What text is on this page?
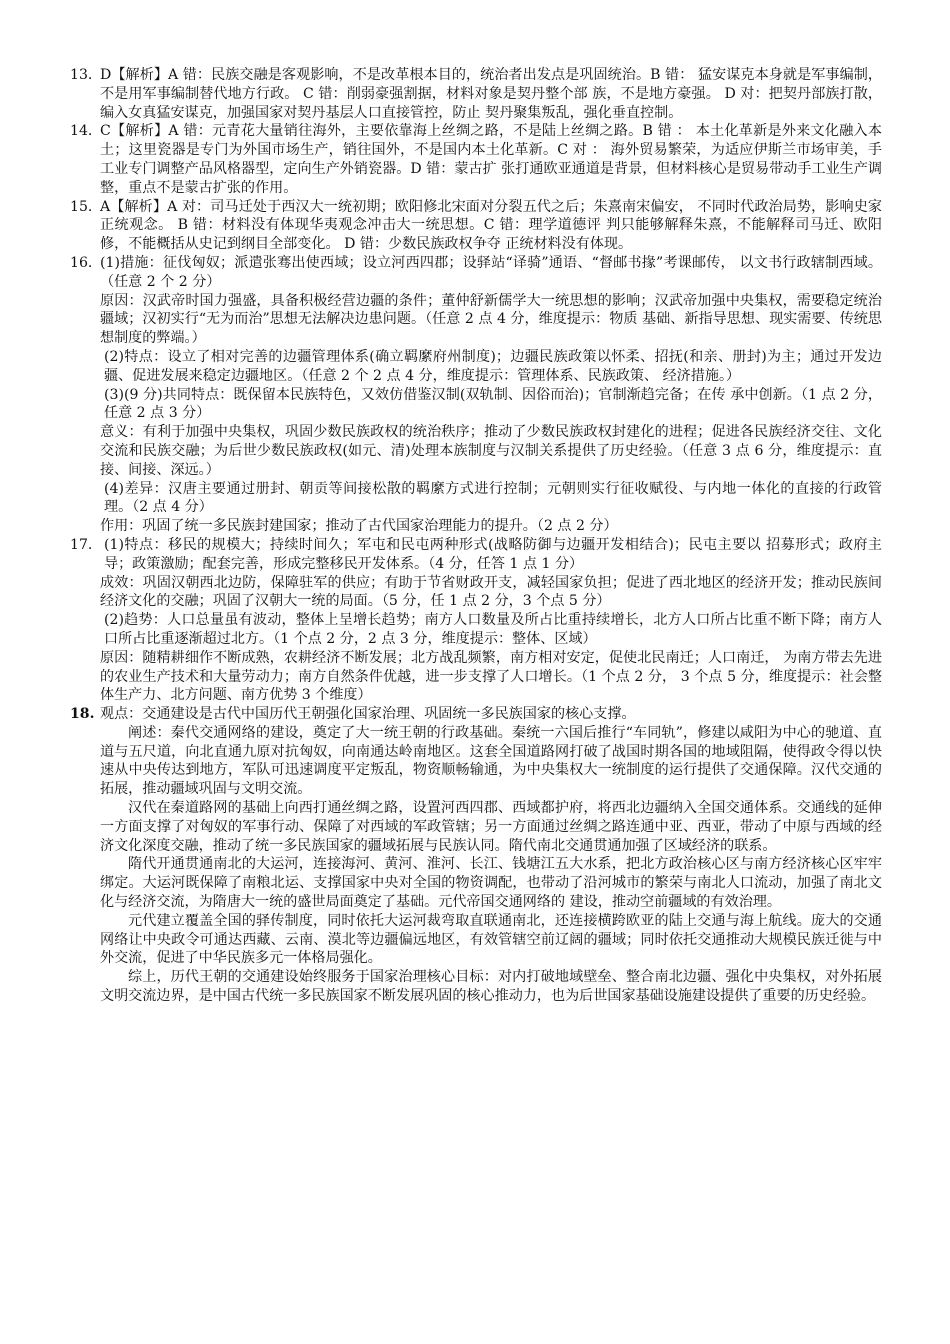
13. D【解析】A 错：民族交融是客观影响，不是改革根本目的，统治者出发点是巩固统治。B 错： 猛安谋克本身就是军事编制，不是用军事编制替代地方行政。 C 错：削弱豪强割据，材料对象是契丹整个部 族，不是地方豪强。 D 对：把契丹部族打散，编入女真猛安谋克，加强国家对契丹基层人口直接管控，防止 契丹聚集叛乱，强化垂直控制。

14. C【解析】A 错：元青花大量销往海外，主要依靠海上丝绸之路，不是陆上丝绸之路。B 错 ： 本土化革新是外来文化融入本土；这里瓷器是专门为外国市场生产，销往国外，不是国内本土化革新。C 对 ： 海外贸易繁荣，为适应伊斯兰市场审美，手工业专门调整产品风格器型，定向生产外销瓷器。D 错：蒙古扩 张打通欧亚通道是背景，但材料核心是贸易带动手工业生产调整，重点不是蒙古扩张的作用。

15. A【解析】A 对：司马迁处于西汉大一统初期；欧阳修北宋面对分裂五代之后；朱熹南宋偏安， 不同时代政治局势，影响史家正统观念。 B 错：材料没有体现华夷观念冲击大一统思想。C 错：理学道德评 判只能够解释朱熹，不能解释司马迁、欧阳修，不能概括从史记到纲目全部变化。 D 错：少数民族政权争夺 正统材料没有体现。

16. (1)措施：征伐匈奴；派遣张骞出使西域；设立河西四郡；设驿站“译骑”通语、“督邮书掾”考课邮传， 以文书行政辖制西域。（任意 2 个 2 分）

原因：汉武帝时国力强盛，具备积极经营边疆的条件；董仲舒新儒学大一统思想的影响；汉武帝加强中央集权，需要稳定统治疆域；汉初实行“无为而治”思想无法解决边患问题。（任意 2 点 4 分，维度提示：物质 基础、新指导思想、现实需要、传统思想制度的弊端。）

(2)特点：设立了相对完善的边疆管理体系(确立羁縻府州制度)；边疆民族政策以怀柔、招抚(和亲、册封)为主；通过开发边疆、促进发展来稳定边疆地区。（任意 2 个 2 点 4 分，维度提示：管理体系、民族政策、 经济措施。）

(3)(9 分)共同特点：既保留本民族特色，又效仿借鉴汉制(双轨制、因俗而治)；官制渐趋完备；在传 承中创新。（1 点 2 分，任意 2 点 3 分）

意义：有利于加强中央集权，巩固少数民族政权的统治秩序；推动了少数民族政权封建化的进程；促进各民族经济交往、文化交流和民族交融；为后世少数民族政权(如元、清)处理本族制度与汉制关系提供了历史经验。（任意 3 点 6 分，维度提示：直接、间接、深远。）

(4)差异：汉唐主要通过册封、朝贡等间接松散的羁縻方式进行控制；元朝则实行征收赋役、与内地一体化的直接的行政管理。（2 点 4 分）

作用：巩固了统一多民族封建国家；推动了古代国家治理能力的提升。（2 点 2 分）

17. (1)特点：移民的规模大；持续时间久；军屯和民屯两种形式(战略防御与边疆开发相结合)；民屯主要以 招募形式；政府主导；政策激励；配套完善，形成完整移民开发体系。（4 分，任答 1 点 1 分）

成效：巩固汉朝西北边防，保障驻军的供应；有助于节省财政开支，减轻国家负担；促进了西北地区的经济开发；推动民族间经济文化的交融；巩固了汉朝大一统的局面。（5 分，任 1 点 2 分，3 个点 5 分）

(2)趋势：人口总量虽有波动，整体上呈增长趋势；南方人口数量及所占比重持续增长，北方人口所占比重不断下降；南方人口所占比重逐渐超过北方。（1 个点 2 分，2 点 3 分，维度提示：整体、区域）

原因：随精耕细作不断成熟，农耕经济不断发展；北方战乱频繁，南方相对安定，促使北民南迁；人口南迁， 为南方带去先进的农业生产技术和大量劳动力；南方自然条件优越，进一步支撑了人口增长。（1 个点 2 分， 3 个点 5 分，维度提示：社会整体生产力、北方问题、南方优势 3 个维度）

18. 观点：交通建设是古代中国历代王朝强化国家治理、巩固统一多民族国家的核心支撑。

阐述：秦代交通网络的建设，奠定了大一统王朝的行政基础。秦统一六国后推行“车同轨”，修建以咸阳为中心的驰道、直道与五尺道，向北直通九原对抗匈奴，向南通达岭南地区。这套全国道路网打破了战国时期各国的地域阻隔，使得政令得以快速从中央传达到地方，军队可迅速调度平定叛乱，物资顺畅输通，为中央集权大一统制度的运行提供了交通保障。汉代交通的拓展，推动疆域巩固与文明交流。

汉代在秦道路网的基础上向西打通丝绸之路，设置河西四郡、西域都护府，将西北边疆纳入全国交通体系。交通线的延伸一方面支撑了对匈奴的军事行动、保障了对西域的军政管辖；另一方面通过丝绸之路连通中亚、西亚，带动了中原与西域的经济文化深度交融，推动了统一多民族国家的疆域拓展与民族认同。隋代南北交通贯通加强了区域经济的联系。

隋代开通贯通南北的大运河，连接海河、黄河、淮河、长江、钱塘江五大水系，把北方政治核心区与南方经济核心区牢牢绑定。大运河既保障了南粮北运、支撑国家中央对全国的物资调配，也带动了沿河城市的繁荣与南北人口流动，加强了南北文化与经济交流，为隋唐大一统的盛世局面奠定了基础。元代帝国交通网络的 建设，推动空前疆域的有效治理。

元代建立覆盖全国的驿传制度，同时依托大运河裁弯取直联通南北，还连接横跨欧亚的陆上交通与海上航线。庞大的交通网络让中央政令可通达西藏、云南、漠北等边疆偏远地区，有效管辖空前辽阔的疆域；同时依托交通推动大规模民族迁徙与中外交流，促进了中华民族多元一体格局强化。

综上，历代王朝的交通建设始终服务于国家治理核心目标：对内打破地域壁垒、整合南北边疆、强化中央集权，对外拓展文明交流边界，是中国古代统一多民族国家不断发展巩固的核心推动力，也为后世国家基础设施建设提供了重要的历史经验。
